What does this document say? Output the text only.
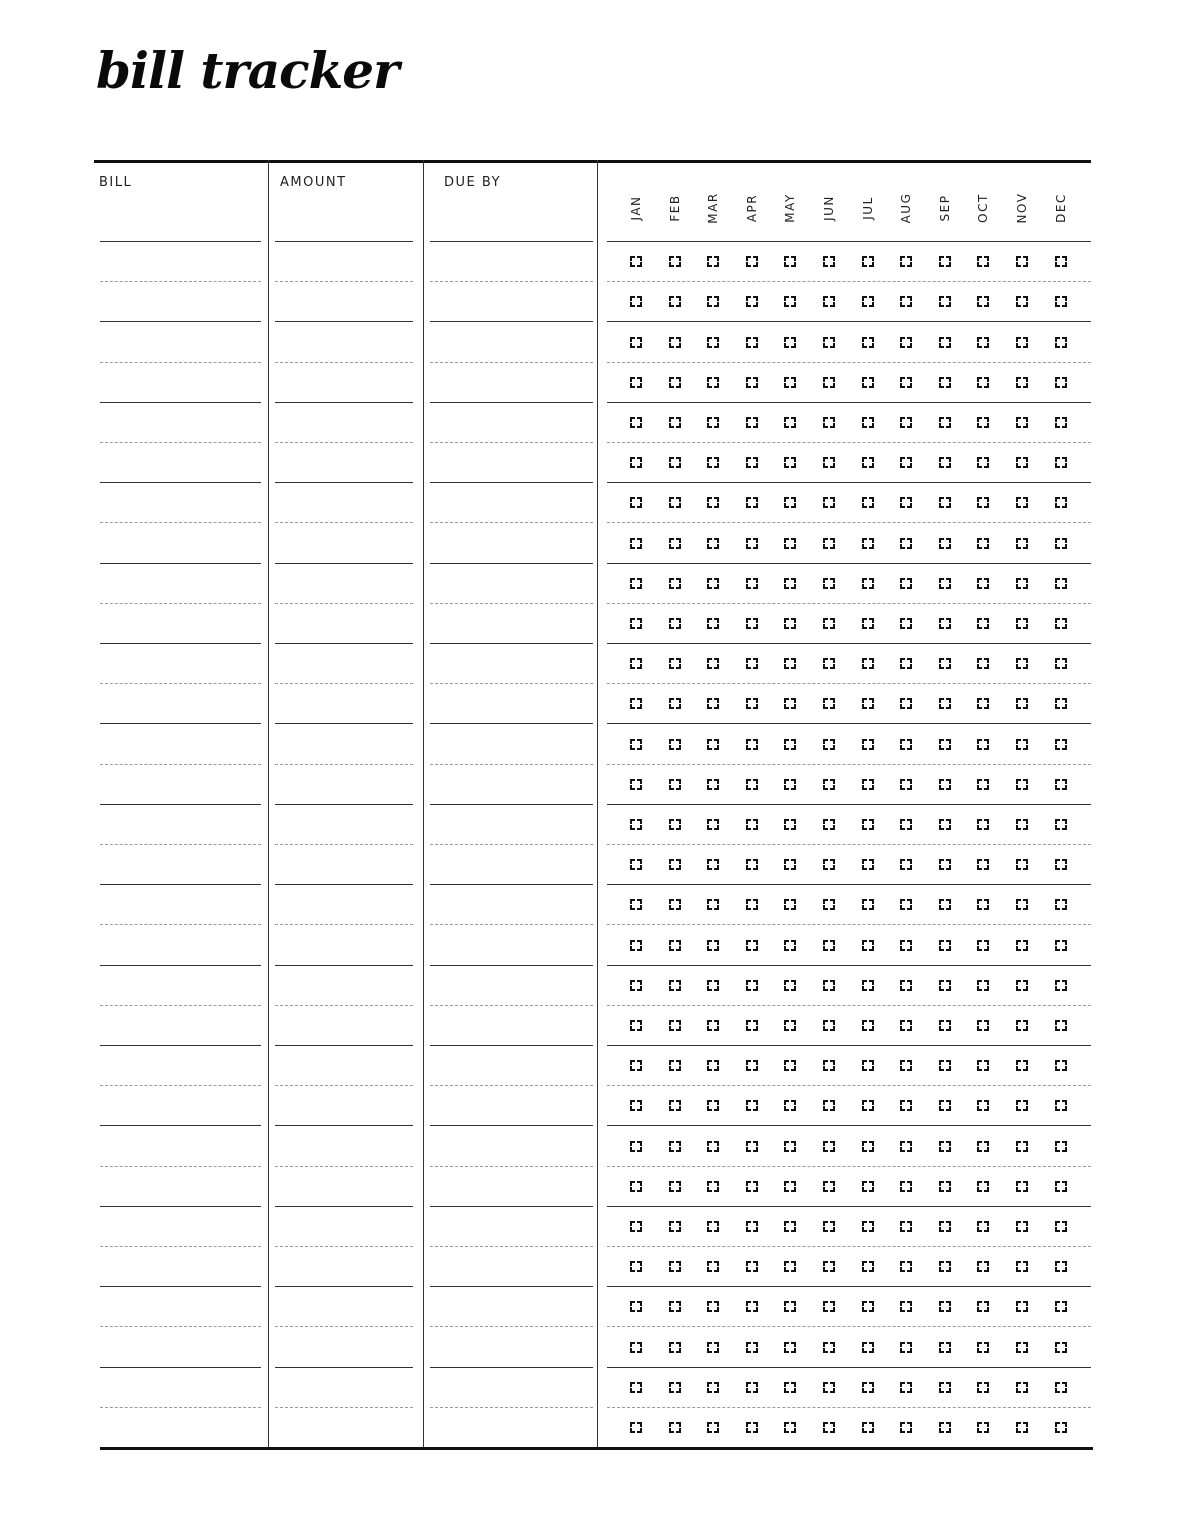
bill tracker
BILL	AMOUNT	DUE BY
JAN FEB MAR APR MAY JUN JUL AUG SEP OCT NOV DEC
